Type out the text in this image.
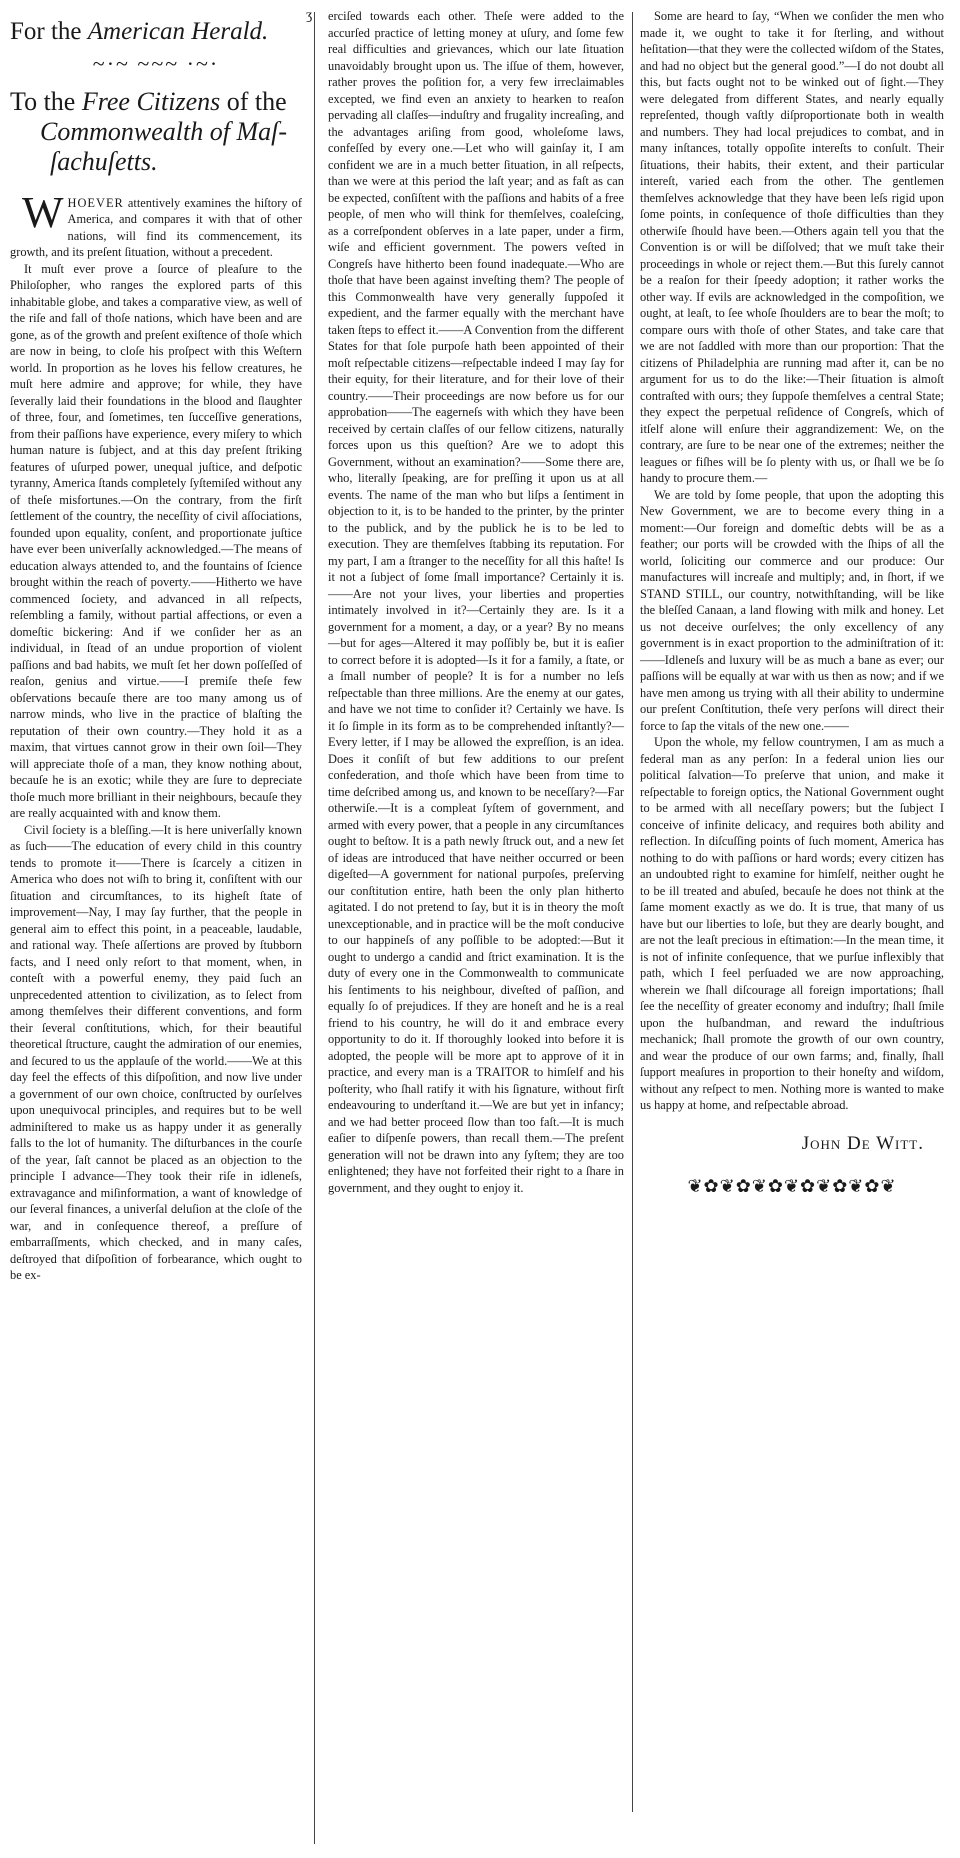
ʒ
For the American Herald.
~·~ ~~~ ·~·
To the Free Citizens of the
Commonwealth of Maſ-
ſachuſetts.

WHOEVER attentively examines the hiſtory of America, and compares it with that of other nations, will find its commencement, its growth, and its preſent ſituation, without a precedent.

It muſt ever prove a ſource of pleaſure to the Philoſopher, who ranges the explored parts of this inhabitable globe, and takes a comparative view, as well of the riſe and fall of thoſe nations, which have been and are gone, as of the growth and preſent exiſtence of thoſe which are now in being, to cloſe his proſpect with this Weſtern world. In proportion as he loves his fellow creatures, he muſt here admire and approve; for while, they have ſeverally laid their foundations in the blood and ſlaughter of three, four, and ſometimes, ten ſucceſſive generations, from their paſſions have experience, every miſery to which human nature is ſubject, and at this day preſent ſtriking features of uſurped power, unequal juſtice, and deſpotic tyranny, America ſtands completely ſyſtemiſed without any of theſe misfortunes.—On the contrary, from the firſt ſettlement of the country, the neceſſity of civil aſſociations, founded upon equality, conſent, and proportionate juſtice have ever been univerſally acknowledged.—The means of education always attended to, and the fountains of ſcience brought within the reach of poverty.——Hitherto we have commenced ſociety, and advanced in all reſpects, reſembling a family, without partial affections, or even a domeſtic bickering: And if we conſider her as an individual, in ſtead of an undue proportion of violent paſſions and bad habits, we muſt ſet her down poſſeſſed of reaſon, genius and virtue.——I premiſe theſe few obſervations becauſe there are too many among us of narrow minds, who live in the practice of blaſting the reputation of their own country.—They hold it as a maxim, that virtues cannot grow in their own ſoil—They will appreciate thoſe of a man, they know nothing about, becauſe he is an exotic; while they are ſure to depreciate thoſe much more brilliant in their neighbours, becauſe they are really acquainted with and know them.

Civil ſociety is a bleſſing.—It is here univerſally known as ſuch——The education of every child in this country tends to promote it——There is ſcarcely a citizen in America who does not wiſh to bring it, conſiſtent with our ſituation and circumſtances, to its higheſt ſtate of improvement—Nay, I may ſay further, that the people in general aim to effect this point, in a peaceable, laudable, and rational way. Theſe aſſertions are proved by ſtubborn facts, and I need only reſort to that moment, when, in conteſt with a powerful enemy, they paid ſuch an unprecedented attention to civilization, as to ſelect from among themſelves their different conventions, and form their ſeveral conſtitutions, which, for their beautiful theoretical ſtructure, caught the admiration of our enemies, and ſecured to us the applauſe of the world.——We at this day feel the effects of this diſpoſition, and now live under a government of our own choice, conſtructed by ourſelves upon unequivocal principles, and requires but to be well adminiſtered to make us as happy under it as generally falls to the lot of humanity. The diſturbances in the courſe of the year, ſaſt cannot be placed as an objection to the principle I advance—They took their riſe in idleneſs, extravagance and miſinformation, a want of knowledge of our ſeveral finances, a univerſal deluſion at the cloſe of the war, and in conſequence thereof, a preſſure of embarraſſments, which checked, and in many caſes, deſtroyed that diſpoſition of forbearance, which ought to be ex-

erciſed towards each other. Theſe were added to the accurſed practice of letting money at uſury, and ſome few real difficulties and grievances, which our late ſituation unavoidably brought upon us. The iſſue of them, however, rather proves the poſition for, a very few irreclaimables excepted, we find even an anxiety to hearken to reaſon pervading all claſſes—induſtry and frugality increaſing, and the advantages ariſing from good, wholeſome laws, confeſſed by every one.—Let who will gainſay it, I am confident we are in a much better ſituation, in all reſpects, than we were at this period the laſt year; and as faſt as can be expected, conſiſtent with the paſſions and habits of a free people, of men who will think for themſelves, coaleſcing, as a correſpondent obſerves in a late paper, under a firm, wiſe and efficient government. The powers veſted in Congreſs have hitherto been found inadequate.—Who are thoſe that have been against inveſting them? The people of this Commonwealth have very generally ſuppoſed it expedient, and the farmer equally with the merchant have taken ſteps to effect it.——A Convention from the different States for that ſole purpoſe hath been appointed of their moſt reſpectable citizens—reſpectable indeed I may ſay for their equity, for their literature, and for their love of their country.——Their proceedings are now before us for our approbation——The eagerneſs with which they have been received by certain claſſes of our fellow citizens, naturally forces upon us this queſtion? Are we to adopt this Government, without an examination?——Some there are, who, literally ſpeaking, are for preſſing it upon us at all events. The name of the man who but liſps a ſentiment in objection to it, is to be handed to the printer, by the printer to the publick, and by the publick he is to be led to execution. They are themſelves ſtabbing its reputation. For my part, I am a ſtranger to the neceſſity for all this haſte! Is it not a ſubject of ſome ſmall importance? Certainly it is.——Are not your lives, your liberties and properties intimately involved in it?—Certainly they are. Is it a government for a moment, a day, or a year? By no means—but for ages—Altered it may poſſibly be, but it is eaſier to correct before it is adopted—Is it for a family, a ſtate, or a ſmall number of people? It is for a number no leſs reſpectable than three millions. Are the enemy at our gates, and have we not time to conſider it? Certainly we have. Is it ſo ſimple in its form as to be comprehended inſtantly?—Every letter, if I may be allowed the expreſſion, is an idea. Does it conſiſt of but few additions to our preſent confederation, and thoſe which have been from time to time deſcribed among us, and known to be neceſſary?—Far otherwiſe.—It is a compleat ſyſtem of government, and armed with every power, that a people in any circumſtances ought to beſtow. It is a path newly ſtruck out, and a new ſet of ideas are introduced that have neither occurred or been digeſted—A government for national purpoſes, preſerving our conſtitution entire, hath been the only plan hitherto agitated. I do not pretend to ſay, but it is in theory the moſt unexceptionable, and in practice will be the moſt conducive to our happineſs of any poſſible to be adopted:—But it ought to undergo a candid and ſtrict examination. It is the duty of every one in the Commonwealth to communicate his ſentiments to his neighbour, diveſted of paſſion, and equally ſo of prejudices. If they are honeſt and he is a real friend to his country, he will do it and embrace every opportunity to do it. If thoroughly looked into before it is adopted, the people will be more apt to approve of it in practice, and every man is a TRAITOR to himſelf and his poſterity, who ſhall ratify it with his ſignature, without firſt endeavouring to underſtand it.—We are but yet in infancy; and we had better proceed ſlow than too faſt.—It is much eaſier to diſpenſe powers, than recall them.—The preſent generation will not be drawn into any ſyſtem; they are too enlightened; they have not forfeited their right to a ſhare in government, and they ought to enjoy it.

Some are heard to ſay, “When we conſider the men who made it, we ought to take it for ſterling, and without heſitation—that they were the collected wiſdom of the States, and had no object but the general good.”—I do not doubt all this, but facts ought not to be winked out of ſight.—They were delegated from different States, and nearly equally repreſented, though vaſtly diſproportionate both in wealth and numbers. They had local prejudices to combat, and in many inſtances, totally oppoſite intereſts to conſult. Their ſituations, their habits, their extent, and their particular intereſt, varied each from the other. The gentlemen themſelves acknowledge that they have been leſs rigid upon ſome points, in conſequence of thoſe difficulties than they otherwiſe ſhould have been.—Others again tell you that the Convention is or will be diſſolved; that we muſt take their proceedings in whole or reject them.—But this ſurely cannot be a reaſon for their ſpeedy adoption; it rather works the other way. If evils are acknowledged in the compoſition, we ought, at leaſt, to ſee whoſe ſhoulders are to bear the moſt; to compare ours with thoſe of other States, and take care that we are not ſaddled with more than our proportion: That the citizens of Philadelphia are running mad after it, can be no argument for us to do the like:—Their ſituation is almoſt contraſted with ours; they ſuppoſe themſelves a central State; they expect the perpetual reſidence of Congreſs, which of itſelf alone will enſure their aggrandizement: We, on the contrary, are ſure to be near one of the extremes; neither the leagues or fiſhes will be ſo plenty with us, or ſhall we be ſo handy to procure them.—

We are told by ſome people, that upon the adopting this New Government, we are to become every thing in a moment:—Our foreign and domeſtic debts will be as a feather; our ports will be crowded with the ſhips of all the world, ſoliciting our commerce and our produce: Our manufactures will increaſe and multiply; and, in ſhort, if we STAND STILL, our country, notwithſtanding, will be like the bleſſed Canaan, a land flowing with milk and honey. Let us not deceive ourſelves; the only excellency of any government is in exact proportion to the adminiſtration of it:——Idleneſs and luxury will be as much a bane as ever; our paſſions will be equally at war with us then as now; and if we have men among us trying with all their ability to undermine our preſent Conſtitution, theſe very perſons will direct their force to ſap the vitals of the new one.——

Upon the whole, my fellow countrymen, I am as much a federal man as any perſon: In a federal union lies our political ſalvation—To preſerve that union, and make it reſpectable to foreign optics, the National Government ought to be armed with all neceſſary powers; but the ſubject I conceive of infinite delicacy, and requires both ability and reflection. In diſcuſſing points of ſuch moment, America has nothing to do with paſſions or hard words; every citizen has an undoubted right to examine for himſelf, neither ought he to be ill treated and abuſed, becauſe he does not think at the ſame moment exactly as we do. It is true, that many of us have but our liberties to loſe, but they are dearly bought, and are not the leaſt precious in eſtimation:—In the mean time, it is not of infinite conſequence, that we purſue inflexibly that path, which I feel perſuaded we are now approaching, wherein we ſhall diſcourage all foreign importations; ſhall ſee the neceſſity of greater economy and induſtry; ſhall ſmile upon the huſbandman, and reward the induſtrious mechanick; ſhall promote the growth of our own country, and wear the produce of our own farms; and, finally, ſhall ſupport meaſures in proportion to their honeſty and wiſdom, without any reſpect to men. Nothing more is wanted to make us happy at home, and reſpectable abroad.

John De Witt.
❦✿❦✿❦✿❦✿❦✿❦✿❦
